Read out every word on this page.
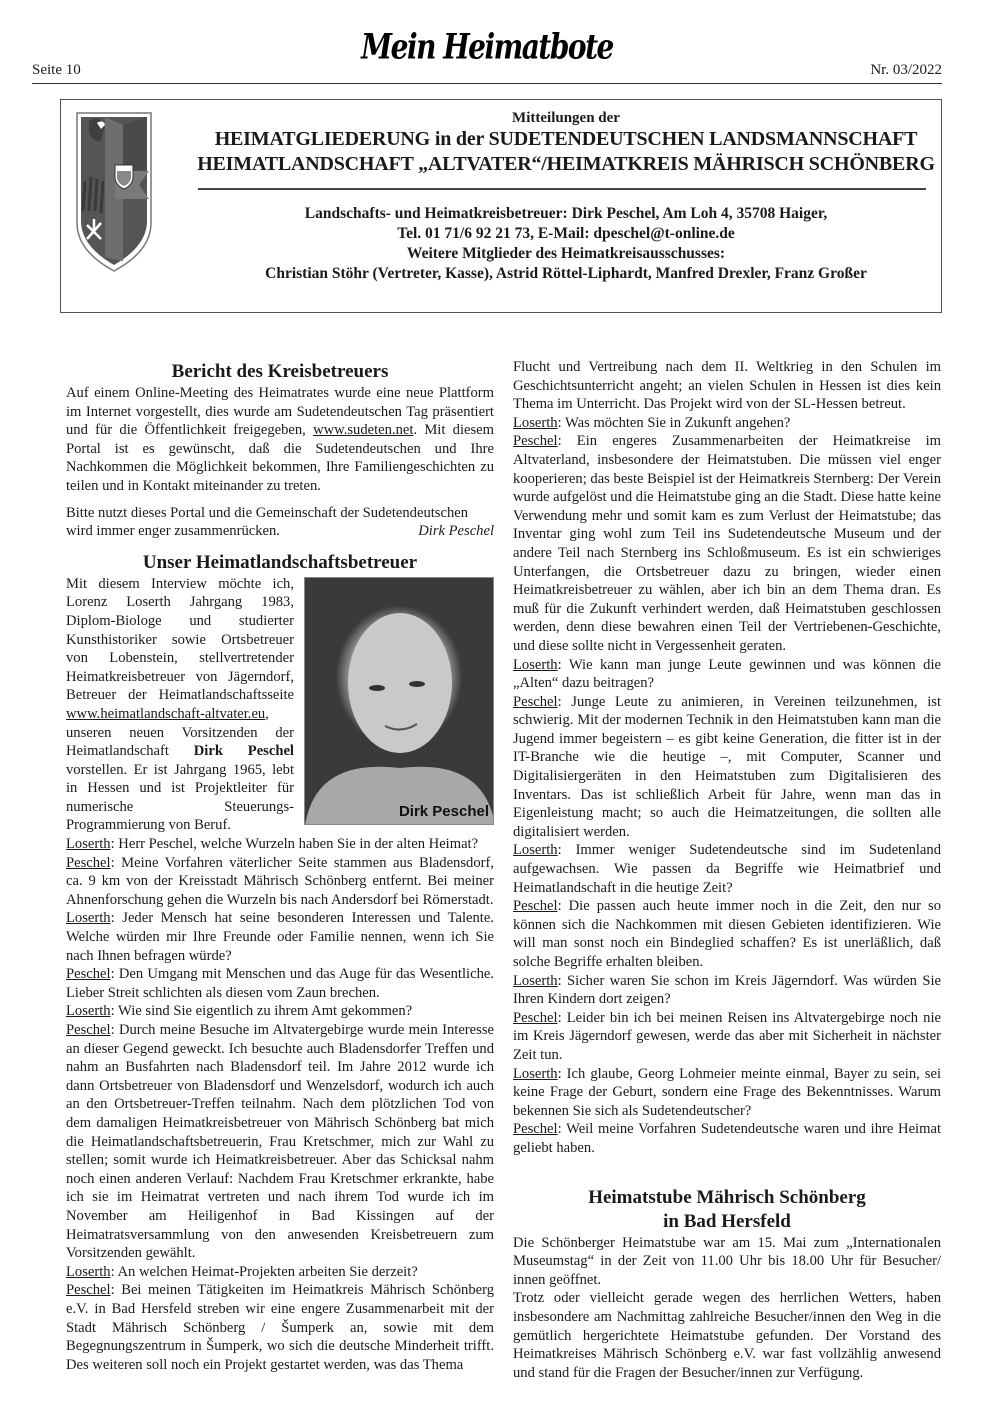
Seite 10
Mein Heimatbote
Nr. 03/2022
Mitteilungen der
HEIMATGLIEDERUNG in der SUDETENDEUTSCHEN LANDSMANNSCHAFT
HEIMATLANDSCHAFT „ALTVATER“/HEIMATKREIS MÄHRISCH SCHÖNBERG
Landschafts- und Heimatkreisbetreuer: Dirk Peschel, Am Loh 4, 35708 Haiger,
Tel. 01 71/6 92 21 73, E-Mail: dpeschel@t-online.de
Weitere Mitglieder des Heimatkreisausschusses:
Christian Stöhr (Vertreter, Kasse), Astrid Röttel-Liphardt, Manfred Drexler, Franz Großer
Bericht des Kreisbetreuers

Auf einem Online-Meeting des Heimatrates wurde eine neue Plattform im Internet vorgestellt, dies wurde am Sudetendeutschen Tag präsentiert und für die Öffentlichkeit freigegeben, www.sudeten.net. Mit diesem Portal ist es gewünscht, daß die Sudetendeutschen und Ihre Nachkommen die Möglichkeit bekommen, Ihre Familiengeschichten zu teilen und in Kontakt miteinander zu treten.

Bitte nutzt dieses Portal und die Gemeinschaft der Sudetendeutschen

wird immer enger zusammenrücken.	Dirk Peschel
Unser Heimatlandschaftsbetreuer
Dirk Peschel

Mit diesem Interview möchte ich, Lorenz Loserth Jahrgang 1983, Diplom-Biologe und studierter Kunsthistoriker sowie Ortsbetreuer von Lobenstein, stellvertretender Heimatkreisbetreuer von Jägerndorf, Betreuer der Heimatlandschaftsseite www.heimatlandschaft-altvater.eu, unseren neuen Vorsitzenden der Heimatlandschaft Dirk Peschel vorstellen. Er ist Jahrgang 1965, lebt in Hessen und ist Projektleiter für numerische Steuerungs-Programmierung von Beruf.

Loserth: Herr Peschel, welche Wurzeln haben Sie in der alten Heimat?

Peschel: Meine Vorfahren väterlicher Seite stammen aus Bladensdorf, ca. 9 km von der Kreisstadt Mährisch Schönberg entfernt. Bei meiner Ahnenforschung gehen die Wurzeln bis nach Andersdorf bei Römerstadt.

Loserth: Jeder Mensch hat seine besonderen Interessen und Talente. Welche würden mir Ihre Freunde oder Familie nennen, wenn ich Sie nach Ihnen befragen würde?

Peschel: Den Umgang mit Menschen und das Auge für das Wesentliche. Lieber Streit schlichten als diesen vom Zaun brechen.

Loserth: Wie sind Sie eigentlich zu ihrem Amt gekommen?

Peschel: Durch meine Besuche im Altvatergebirge wurde mein Interesse an dieser Gegend geweckt. Ich besuchte auch Bladensdorfer Treffen und nahm an Busfahrten nach Bladensdorf teil. Im Jahre 2012 wurde ich dann Ortsbetreuer von Bladensdorf und Wenzelsdorf, wodurch ich auch an den Ortsbetreuer-Treffen teilnahm. Nach dem plötzlichen Tod von dem damaligen Heimatkreisbetreuer von Mährisch Schönberg bat mich die Heimatlandschaftsbetreuerin, Frau Kretschmer, mich zur Wahl zu stellen; somit wurde ich Heimatkreisbetreuer. Aber das Schicksal nahm noch einen anderen Verlauf: Nachdem Frau Kretschmer erkrankte, habe ich sie im Heimatrat vertreten und nach ihrem Tod wurde ich im November am Heiligenhof in Bad Kissingen auf der Heimatratsversammlung von den anwesenden Kreisbetreuern zum Vorsitzenden gewählt.

Loserth: An welchen Heimat-Projekten arbeiten Sie derzeit?

Peschel: Bei meinen Tätigkeiten im Heimatkreis Mährisch Schönberg e.V. in Bad Hersfeld streben wir eine engere Zusammenarbeit mit der Stadt Mährisch Schönberg / Šumperk an, sowie mit dem Begegnungszentrum in Šumperk, wo sich die deutsche Minderheit trifft. Des weiteren soll noch ein Projekt gestartet werden, was das Thema

Flucht und Vertreibung nach dem II. Weltkrieg in den Schulen im Geschichtsunterricht angeht; an vielen Schulen in Hessen ist dies kein Thema im Unterricht. Das Projekt wird von der SL-Hessen betreut.

Loserth: Was möchten Sie in Zukunft angehen?

Peschel: Ein engeres Zusammenarbeiten der Heimatkreise im Altvaterland, insbesondere der Heimatstuben. Die müssen viel enger kooperieren; das beste Beispiel ist der Heimatkreis Sternberg: Der Verein wurde aufgelöst und die Heimatstube ging an die Stadt. Diese hatte keine Verwendung mehr und somit kam es zum Verlust der Heimatstube; das Inventar ging wohl zum Teil ins Sudetendeutsche Museum und der andere Teil nach Sternberg ins Schloßmuseum. Es ist ein schwieriges Unterfangen, die Ortsbetreuer dazu zu bringen, wieder einen Heimatkreisbetreuer zu wählen, aber ich bin an dem Thema dran. Es muß für die Zukunft verhindert werden, daß Heimatstuben geschlossen werden, denn diese bewahren einen Teil der Vertriebenen-Geschichte, und diese sollte nicht in Vergessenheit geraten.

Loserth: Wie kann man junge Leute gewinnen und was können die „Alten“ dazu beitragen?

Peschel: Junge Leute zu animieren, in Vereinen teilzunehmen, ist schwierig. Mit der modernen Technik in den Heimatstuben kann man die Jugend immer begeistern – es gibt keine Generation, die fitter ist in der IT-Branche wie die heutige –, mit Computer, Scanner und Digitalisiergeräten in den Heimatstuben zum Digitalisieren des Inventars. Das ist schließlich Arbeit für Jahre, wenn man das in Eigenleistung macht; so auch die Heimatzeitungen, die sollten alle digitalisiert werden.

Loserth: Immer weniger Sudetendeutsche sind im Sudetenland aufgewachsen. Wie passen da Begriffe wie Heimatbrief und Heimatlandschaft in die heutige Zeit?

Peschel: Die passen auch heute immer noch in die Zeit, den nur so können sich die Nachkommen mit diesen Gebieten identifizieren. Wie will man sonst noch ein Bindeglied schaffen? Es ist unerläßlich, daß solche Begriffe erhalten bleiben.

Loserth: Sicher waren Sie schon im Kreis Jägerndorf. Was würden Sie Ihren Kindern dort zeigen?

Peschel: Leider bin ich bei meinen Reisen ins Altvatergebirge noch nie im Kreis Jägerndorf gewesen, werde das aber mit Sicherheit in nächster Zeit tun.

Loserth: Ich glaube, Georg Lohmeier meinte einmal, Bayer zu sein, sei keine Frage der Geburt, sondern eine Frage des Bekenntnisses. Warum bekennen Sie sich als Sudetendeutscher?

Peschel: Weil meine Vorfahren Sudetendeutsche waren und ihre Heimat geliebt haben.

Heimatstube Mährisch Schönberg
in Bad Hersfeld

Die Schönberger Heimatstube war am 15. Mai zum „Internationalen Museumstag“ in der Zeit von 11.00 Uhr bis 18.00 Uhr für Besucher/ innen geöffnet.

Trotz oder vielleicht gerade wegen des herrlichen Wetters, haben insbesondere am Nachmittag zahlreiche Besucher/innen den Weg in die gemütlich hergerichtete Heimatstube gefunden. Der Vorstand des Heimatkreises Mährisch Schönberg e.V. war fast vollzählig anwesend und stand für die Fragen der Besucher/innen zur Verfügung.
